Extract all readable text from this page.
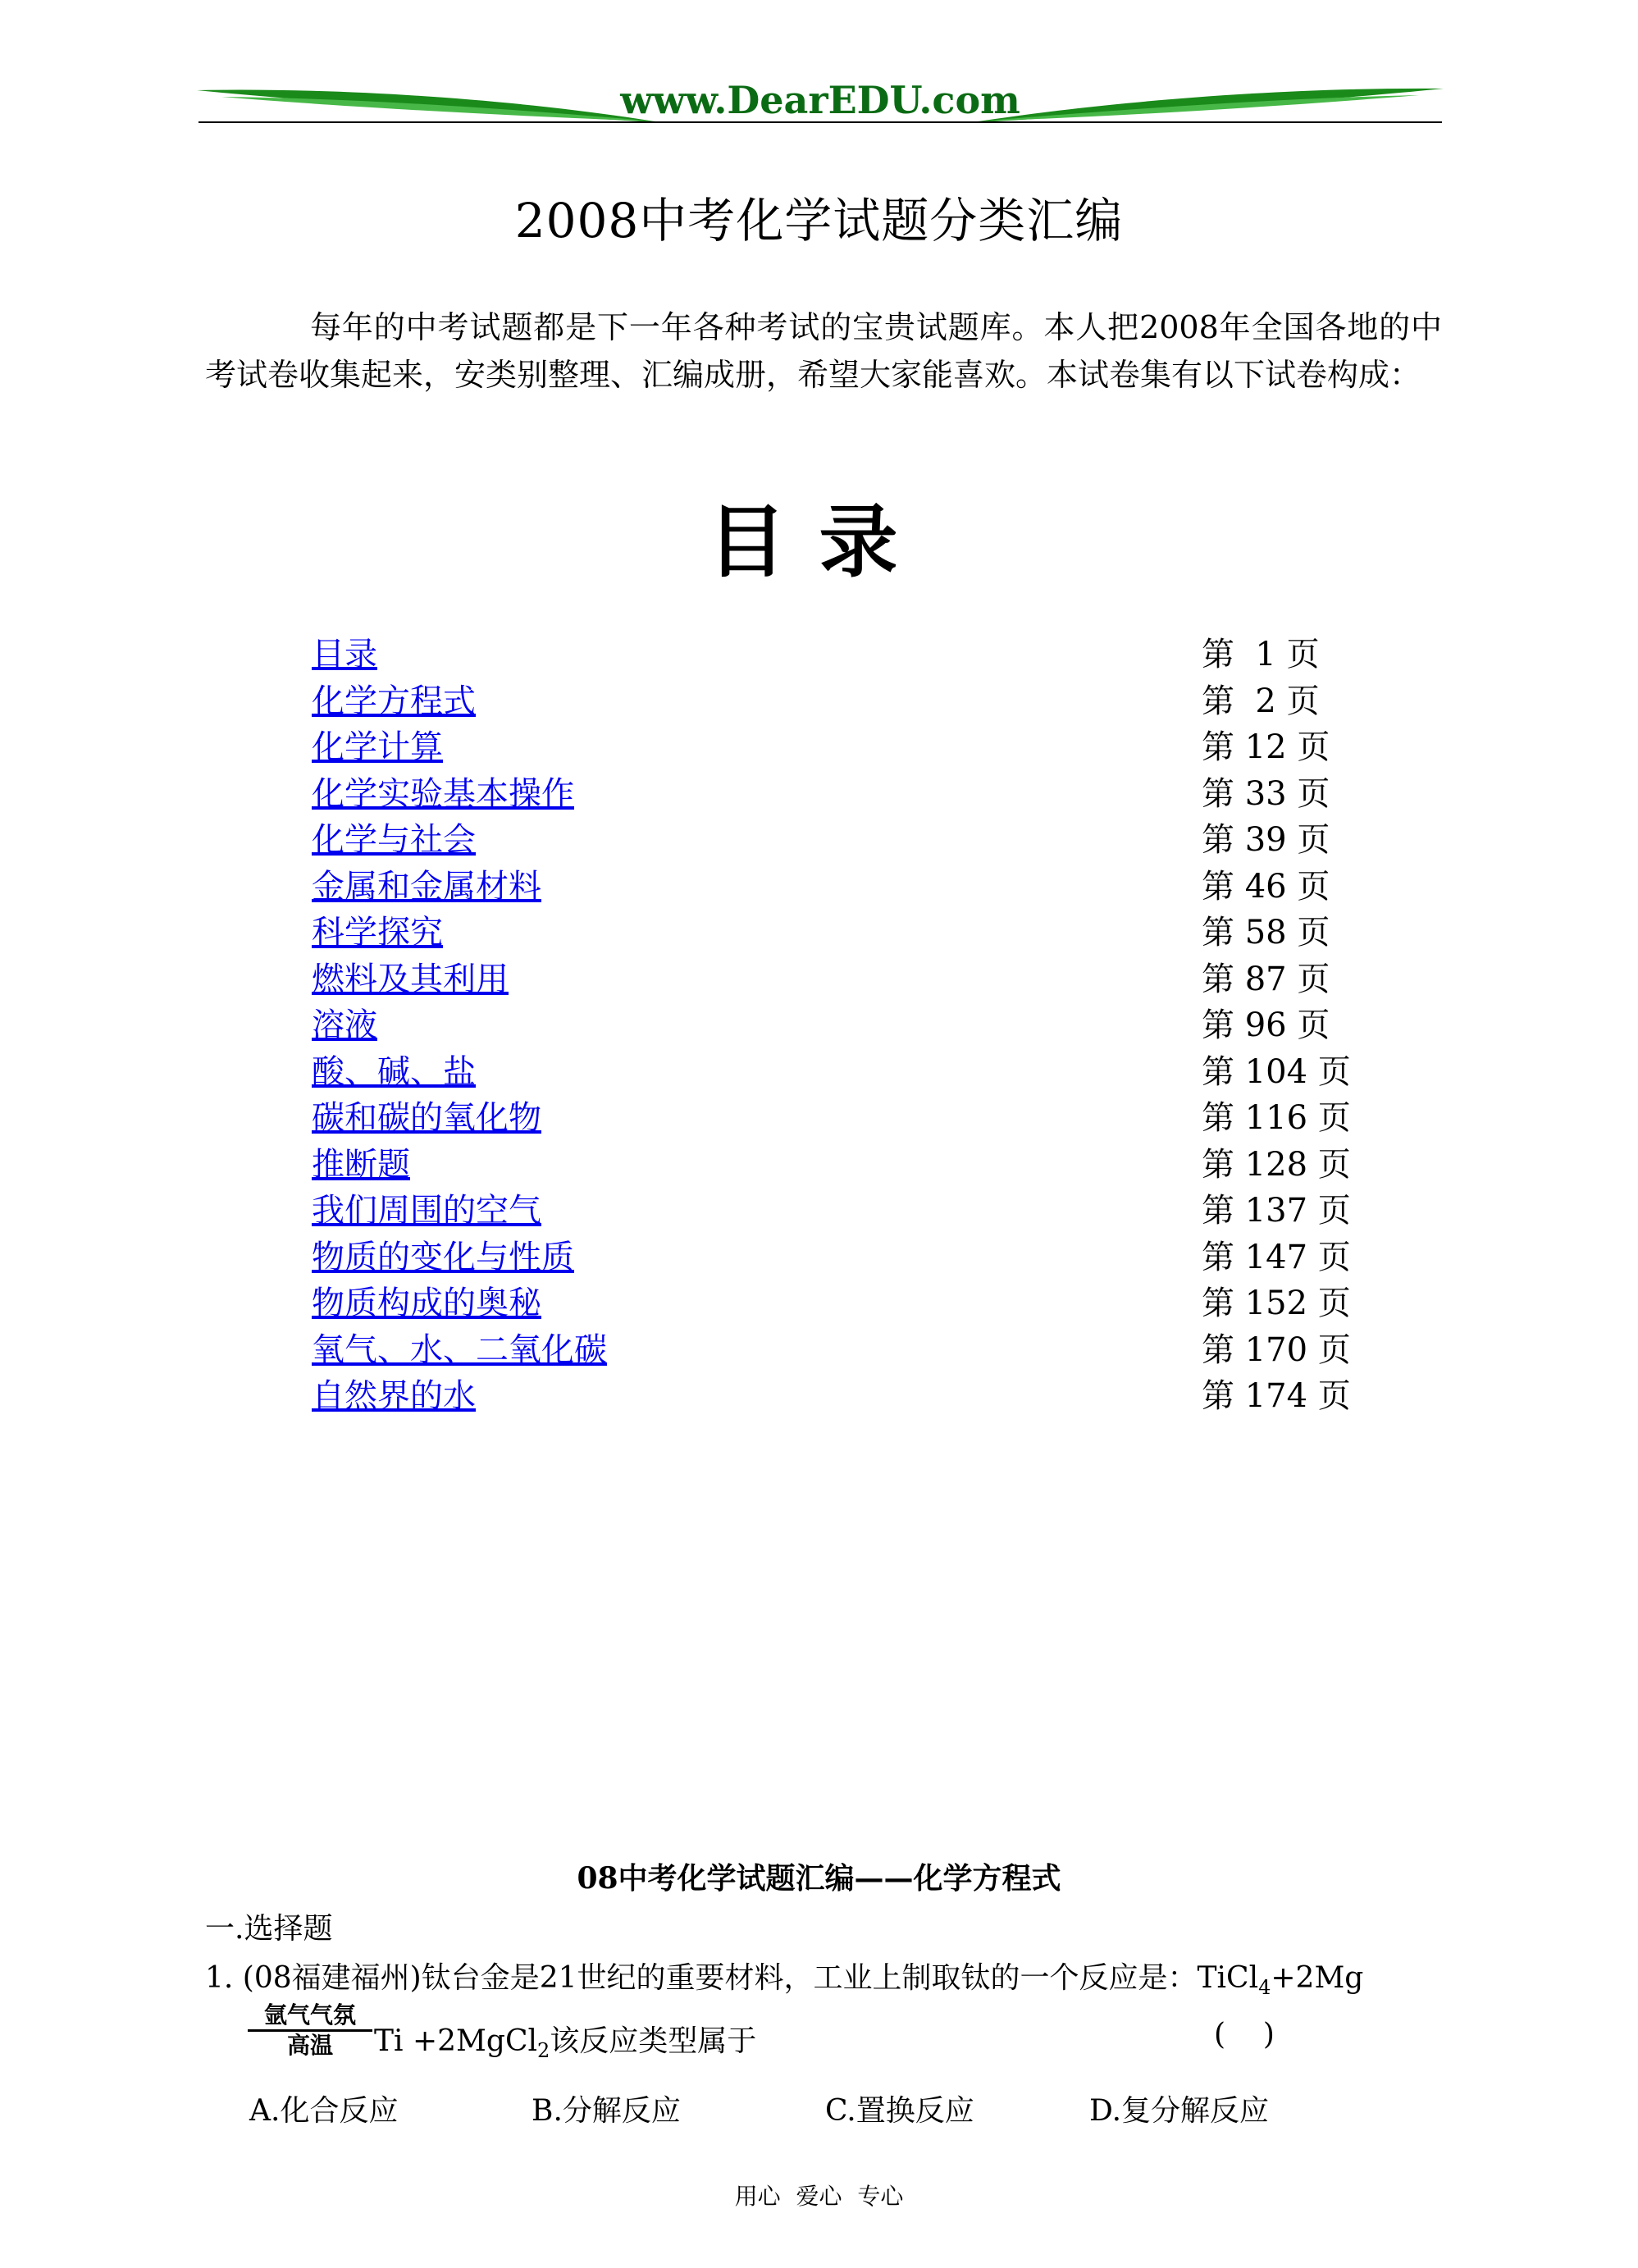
www.DearEDU.com
2008中考化学试题分类汇编
每年的中考试题都是下一年各种考试的宝贵试题库。本人把2008年全国各地的中考试卷收集起来，安类别整理、汇编成册，希望大家能喜欢。本试卷集有以下试卷构成：
目录
目录	第  1 页
化学方程式	第  2 页
化学计算	第 12 页
化学实验基本操作	第 33 页
化学与社会	第 39 页
金属和金属材料	第 46 页
科学探究	第 58 页
燃料及其利用	第 87 页
溶液	第 96 页
酸、碱、盐	第 104 页
碳和碳的氧化物	第 116 页
推断题	第 128 页
我们周围的空气	第 137 页
物质的变化与性质	第 147 页
物质构成的奥秘	第 152 页
氧气、水、二氧化碳	第 170 页
自然界的水	第 174 页
08中考化学试题汇编——化学方程式
一.选择题
1. (08福建福州)钛台金是21世纪的重要材料，工业上制取钛的一个反应是：TiCl$_4$+2Mg
氩气气氛
高温	Ti +2MgCl$_2$该反应类型属于	(    )
A.化合反应	B.分解反应	C.置换反应	D.复分解反应
用心 爱心 专心
